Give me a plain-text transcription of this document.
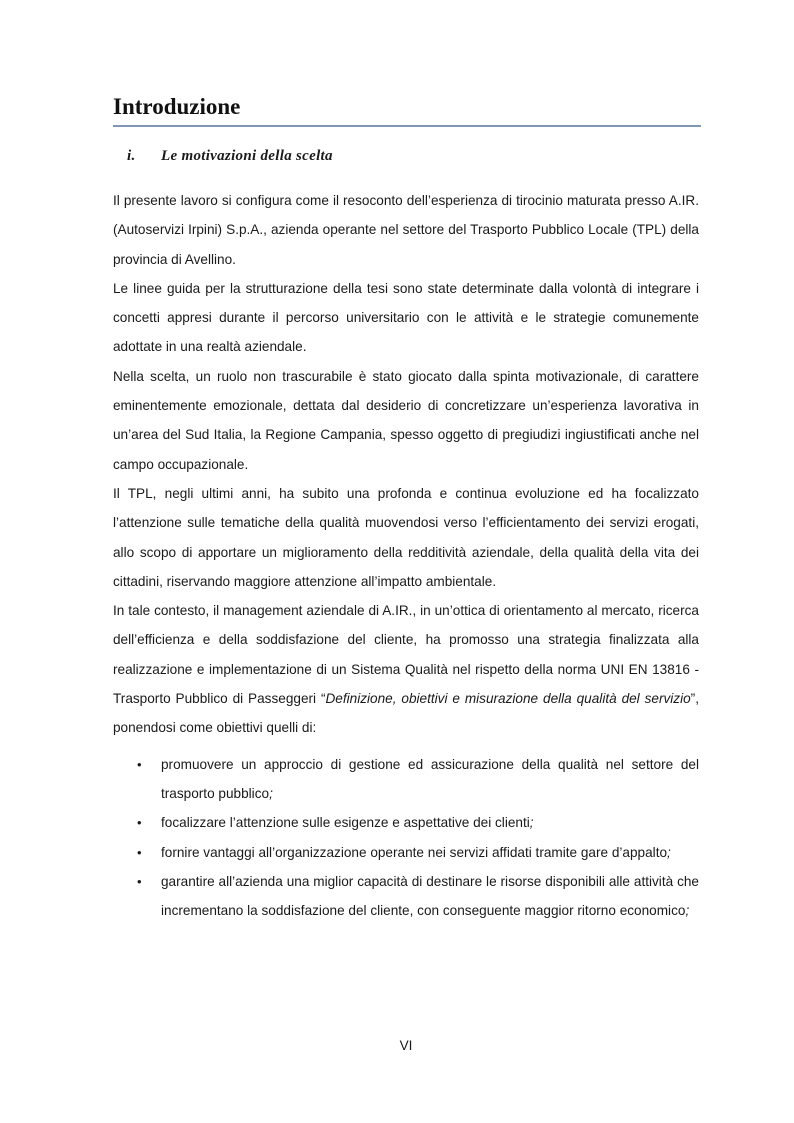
Introduzione
i. Le motivazioni della scelta

Il presente lavoro si configura come il resoconto dell’esperienza di tirocinio maturata presso A.IR. (Autoservizi Irpini) S.p.A., azienda operante nel settore del Trasporto Pubblico Locale (TPL) della provincia di Avellino.

Le linee guida per la strutturazione della tesi sono state determinate dalla volontà di integrare i concetti appresi durante il percorso universitario con le attività e le strategie comunemente adottate in una realtà aziendale.

Nella scelta, un ruolo non trascurabile è stato giocato dalla spinta motivazionale, di carattere eminentemente emozionale, dettata dal desiderio di concretizzare un’esperienza lavorativa in un’area del Sud Italia, la Regione Campania, spesso oggetto di pregiudizi ingiustificati anche nel campo occupazionale.

Il TPL, negli ultimi anni, ha subito una profonda e continua evoluzione ed ha focalizzato l’attenzione sulle tematiche della qualità muovendosi verso l’efficientamento dei servizi erogati, allo scopo di apportare un miglioramento della redditività aziendale, della qualità della vita dei cittadini, riservando maggiore attenzione all’impatto ambientale.

In tale contesto, il management aziendale di A.IR., in un’ottica di orientamento al mercato, ricerca dell’efficienza e della soddisfazione del cliente, ha promosso una strategia finalizzata alla realizzazione e implementazione di un Sistema Qualità nel rispetto della norma UNI EN 13816 - Trasporto Pubblico di Passeggeri “Definizione, obiettivi e misurazione della qualità del servizio”, ponendosi come obiettivi quelli di:

• promuovere un approccio di gestione ed assicurazione della qualità nel settore del trasporto pubblico;
• focalizzare l’attenzione sulle esigenze e aspettative dei clienti;
• fornire vantaggi all’organizzazione operante nei servizi affidati tramite gare d’appalto;
• garantire all’azienda una miglior capacità di destinare le risorse disponibili alle attività che incrementano la soddisfazione del cliente, con conseguente maggior ritorno economico;
VI
